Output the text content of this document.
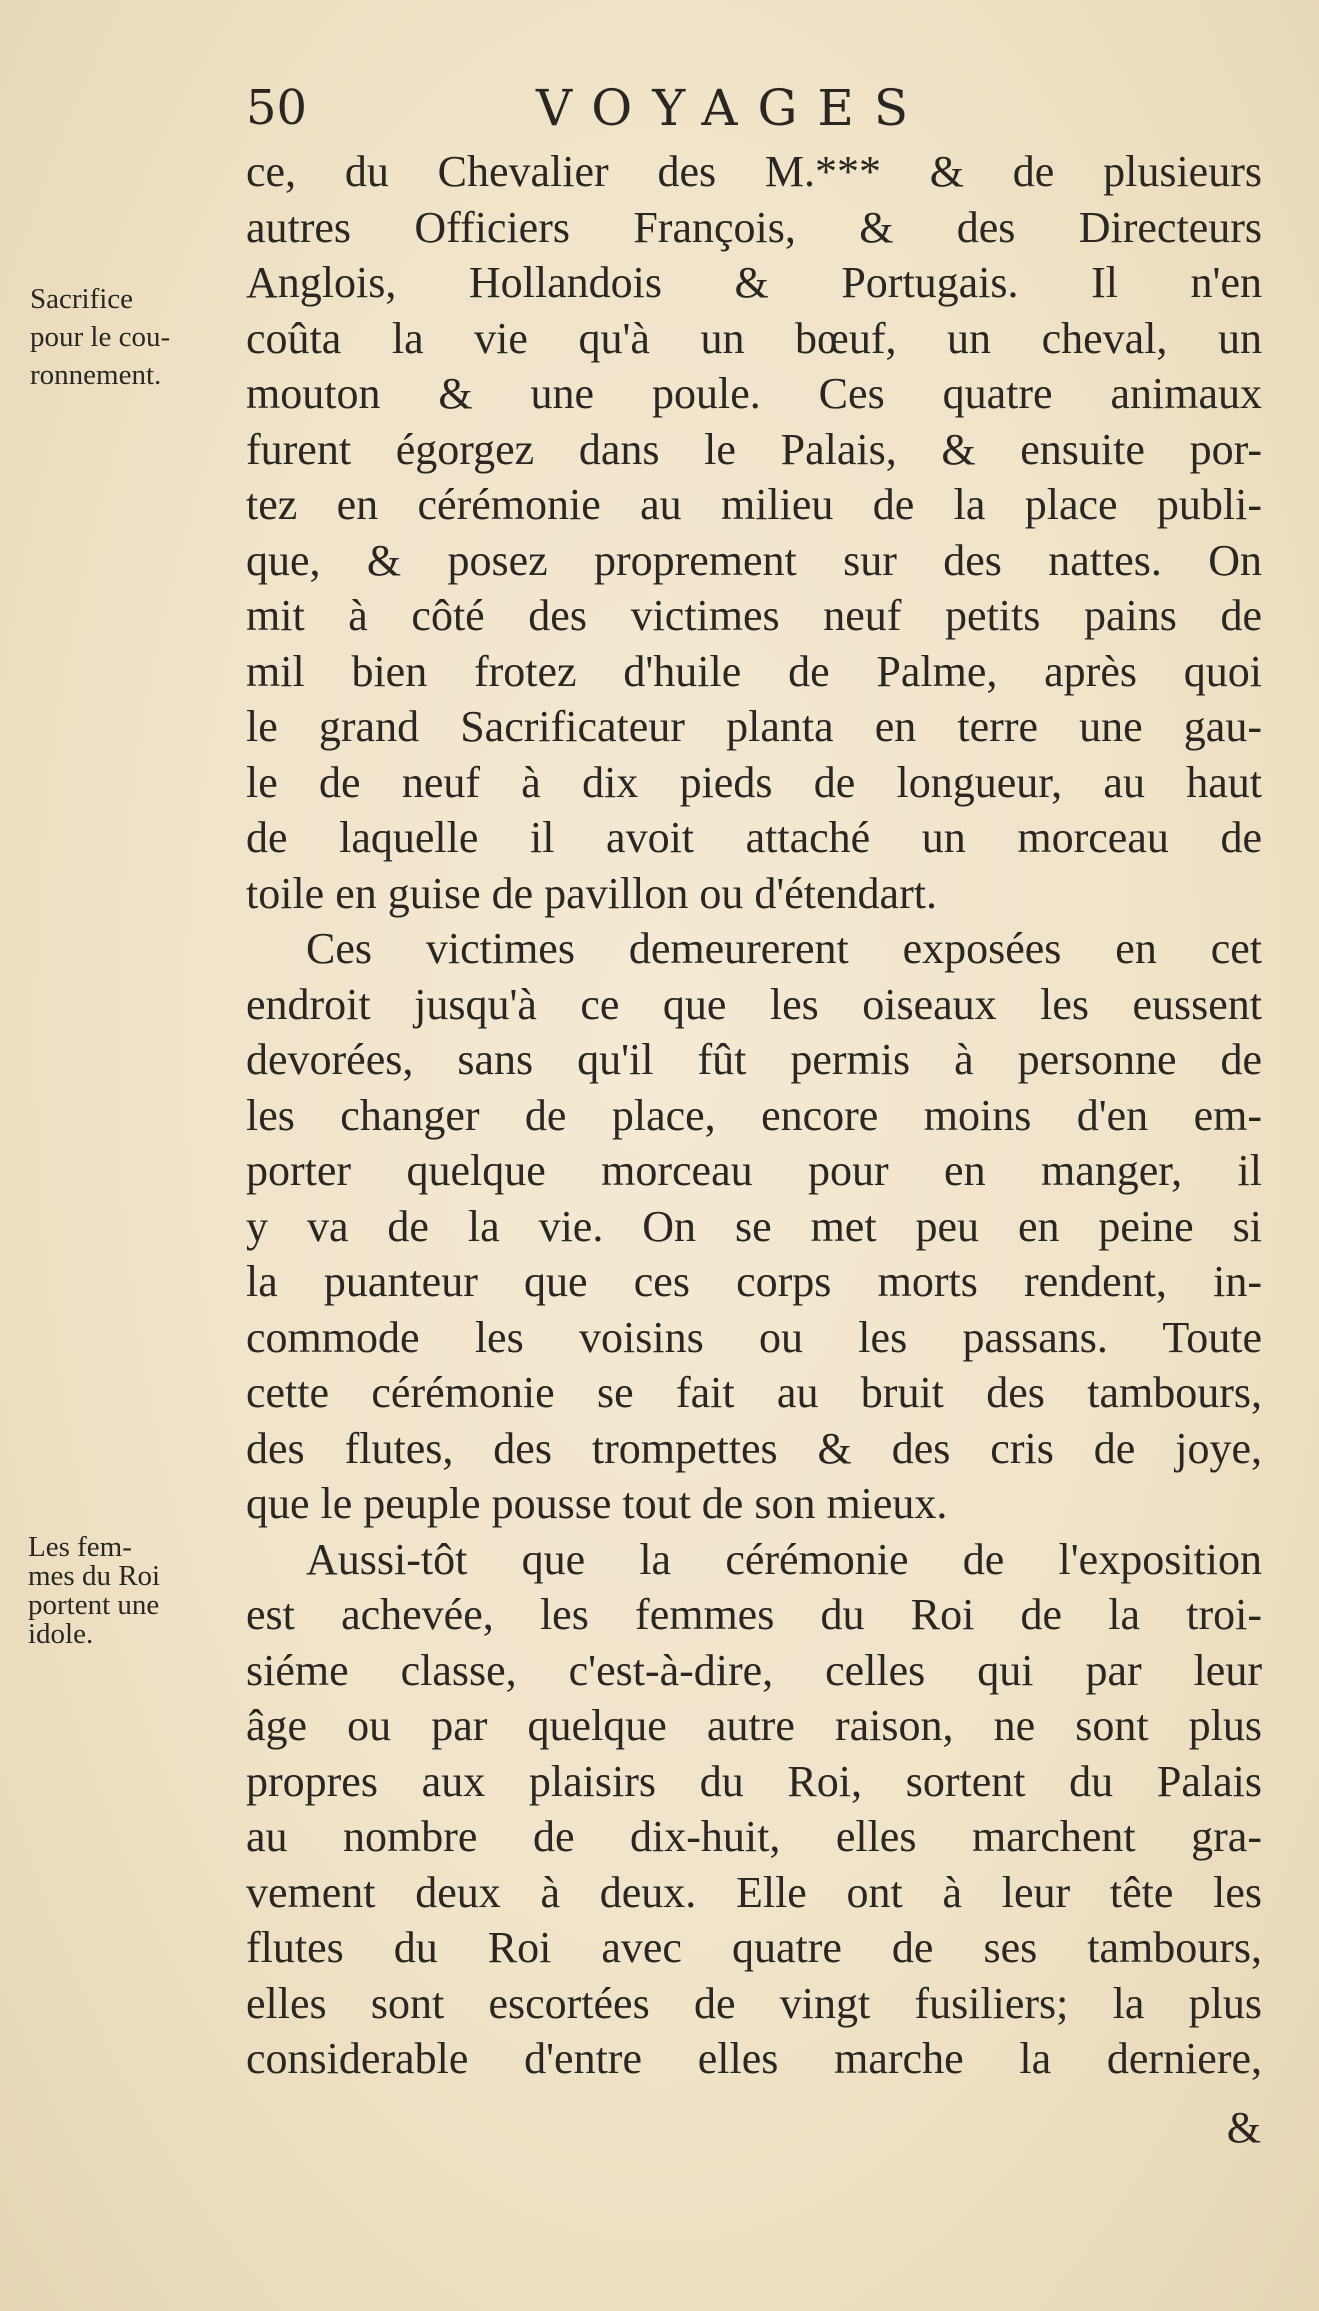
50	VOYAGES
Sacrifice
pour le cou-
ronnement.
Les fem-
mes du Roi
portent une
idole.
ce, du Chevalier des M.*** & de plusieurs
autres Officiers François, & des Directeurs
Anglois, Hollandois & Portugais. Il n'en
coûta la vie qu'à un bœuf, un cheval, un
mouton & une poule. Ces quatre animaux
furent égorgez dans le Palais, & ensuite por-
tez en cérémonie au milieu de la place publi-
que, & posez proprement sur des nattes. On
mit à côté des victimes neuf petits pains de
mil bien frotez d'huile de Palme, après quoi
le grand Sacrificateur planta en terre une gau-
le de neuf à dix pieds de longueur, au haut
de laquelle il avoit attaché un morceau de
toile en guise de pavillon ou d'étendart.
Ces victimes demeurerent exposées en cet
endroit jusqu'à ce que les oiseaux les eussent
devorées, sans qu'il fût permis à personne de
les changer de place, encore moins d'en em-
porter quelque morceau pour en manger, il
y va de la vie. On se met peu en peine si
la puanteur que ces corps morts rendent, in-
commode les voisins ou les passans. Toute
cette cérémonie se fait au bruit des tambours,
des flutes, des trompettes & des cris de joye,
que le peuple pousse tout de son mieux.
Aussi-tôt que la cérémonie de l'exposition
est achevée, les femmes du Roi de la troi-
siéme classe, c'est-à-dire, celles qui par leur
âge ou par quelque autre raison, ne sont plus
propres aux plaisirs du Roi, sortent du Palais
au nombre de dix-huit, elles marchent gra-
vement deux à deux. Elle ont à leur tête les
flutes du Roi avec quatre de ses tambours,
elles sont escortées de vingt fusiliers; la plus
considerable d'entre elles marche la derniere,
&
